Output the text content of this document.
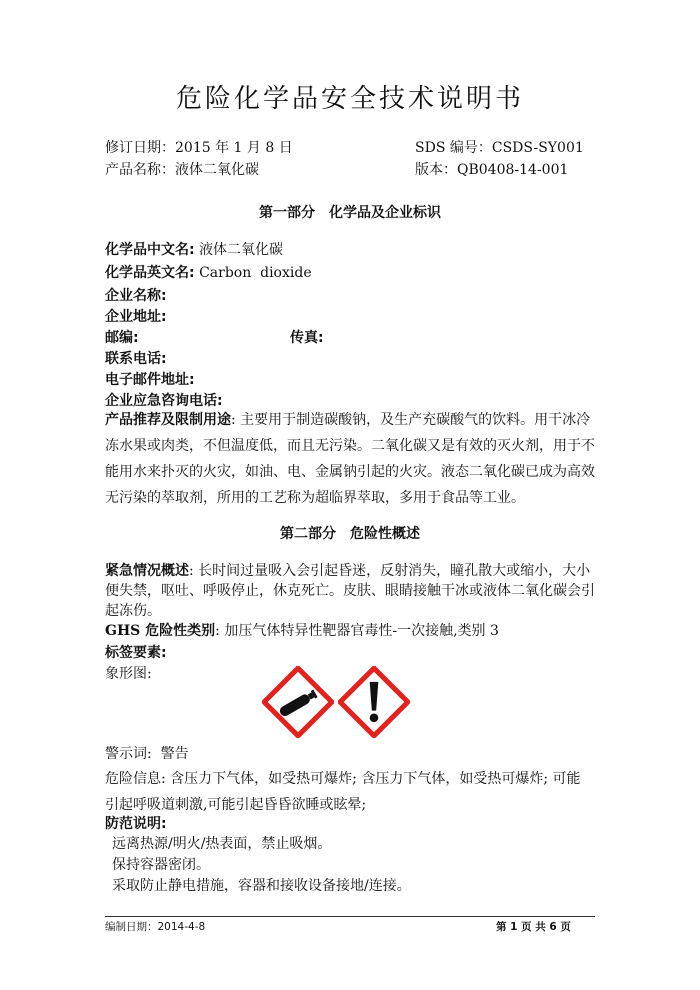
危险化学品安全技术说明书
修订日期：2015 年 1 月 8 日	SDS 编号：CSDS-SY001
产品名称：液体二氧化碳	版本：QB0408-14-001
第一部分　化学品及企业标识
化学品中文名: 液体二氧化碳
化学品英文名: Carbon  dioxide
企业名称:
企业地址:
邮编:	传真:
联系电话:
电子邮件地址:
企业应急咨询电话:
产品推荐及限制用途: 主要用于制造碳酸钠，及生产充碳酸气的饮料。用干冰冷
冻水果或肉类，不但温度低，而且无污染。二氧化碳又是有效的灭火剂，用于不
能用水来扑灭的火灾，如油、电、金属钠引起的火灾。液态二氧化碳已成为高效
无污染的萃取剂，所用的工艺称为超临界萃取，多用于食品等工业。
第二部分　危险性概述
紧急情况概述: 长时间过量吸入会引起昏迷，反射消失，瞳孔散大或缩小，大小
便失禁，呕吐、呼吸停止，休克死亡。皮肤、眼睛接触干冰或液体二氧化碳会引
起冻伤。
GHS 危险性类别: 加压气体特异性靶器官毒性-一次接触,类别 3
标签要素:
象形图:
警示词:  警告
危险信息: 含压力下气体，如受热可爆炸; 含压力下气体，如受热可爆炸; 可能
引起呼吸道刺激,可能引起昏昏欲睡或眩晕;
防范说明:
远离热源/明火/热表面，禁止吸烟。
保持容器密闭。
采取防止静电措施，容器和接收设备接地/连接。
编制日期：2014-4-8	第 1 页 共 6 页
